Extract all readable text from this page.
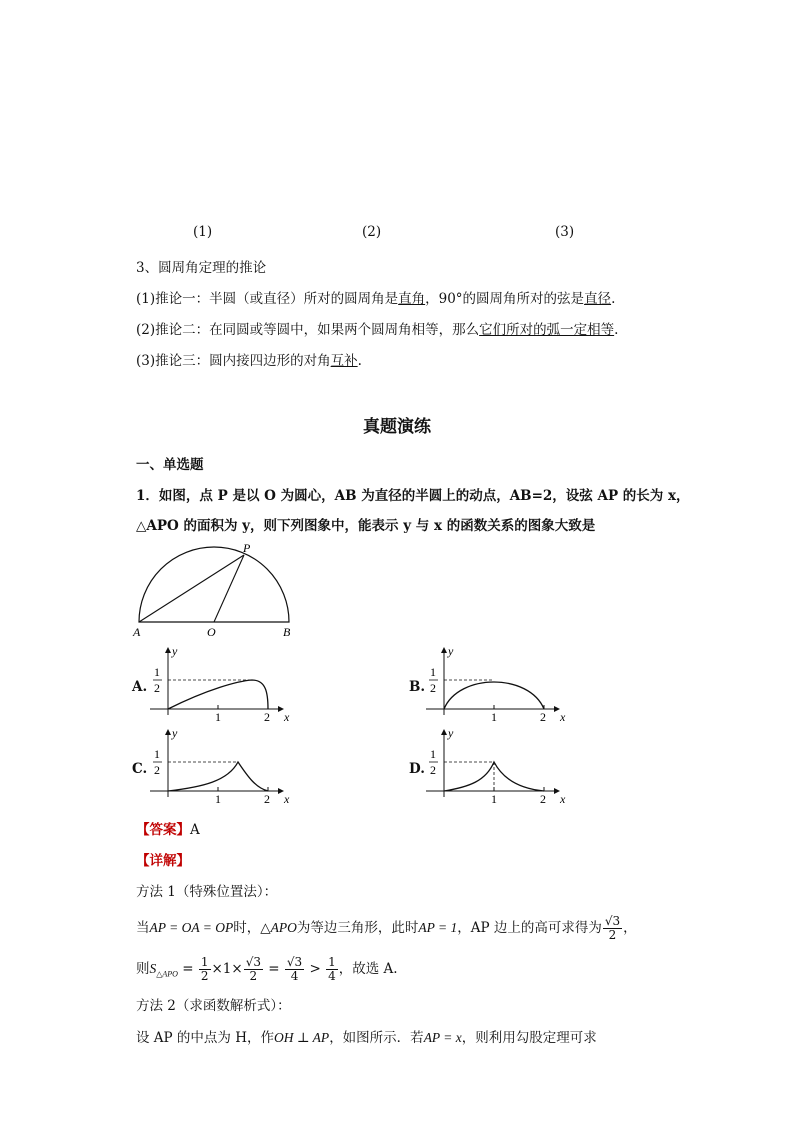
(1)	(2)	(3)
3、圆周角定理的推论
(1)推论一：半圆（或直径）所对的圆周角是直角，90°的圆周角所对的弦是直径.
(2)推论二：在同圆或等圆中，如果两个圆周角相等，那么它们所对的弧一定相等.
(3)推论三：圆内接四边形的对角互补.
真题演练
一、单选题
1．如图，点 P 是以 O 为圆心，AB 为直径的半圆上的动点，AB=2，设弦 AP 的长为 x，
△APO 的面积为 y，则下列图象中，能表示 y 与 x 的函数关系的图象大致是
A	O	B
P
A.	B.
C.	D.
y
x
1
2
1	2
y
x
1
2
1	2
y
x
1
2
1	2
y
x
1
2
1	2
【答案】A
【详解】
方法 1（特殊位置法）：
当AP = OA = OP时，△APO为等边三角形，此时AP = 1，AP 边上的高可求得为 $\frac{√3}{2}$ ，
则$S_{\triangle APO} = \frac{1}{2} \times 1\times \frac{√3}{2} = \frac{√3}{4} > \frac{1}{4}$ ，故选 A.
方法 2（求函数解析式）：
设 AP 的中点为 H，作OH ⊥ AP，如图所示．若AP = x，则利用勾股定理可求
